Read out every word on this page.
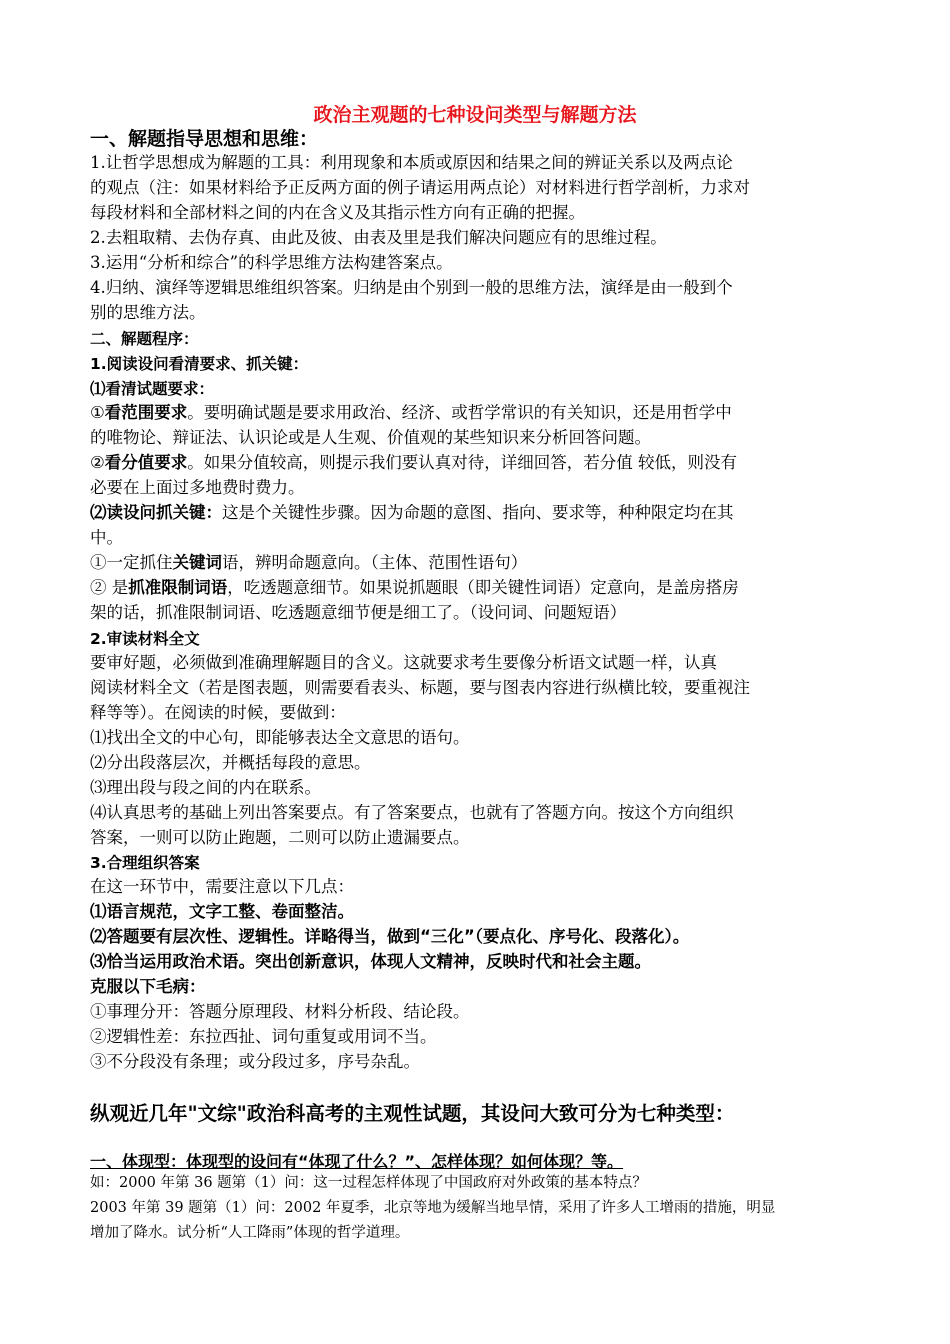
政治主观题的七种设问类型与解题方法
一、解题指导思想和思维：
1.让哲学思想成为解题的工具：利用现象和本质或原因和结果之间的辨证关系以及两点论
的观点（注：如果材料给予正反两方面的例子请运用两点论）对材料进行哲学剖析，力求对
每段材料和全部材料之间的内在含义及其指示性方向有正确的把握。
2.去粗取精、去伪存真、由此及彼、由表及里是我们解决问题应有的思维过程。
3.运用“分析和综合”的科学思维方法构建答案点。
4.归纳、演绎等逻辑思维组织答案。归纳是由个别到一般的思维方法，演绎是由一般到个
别的思维方法。
二、解题程序：
1.阅读设问看清要求、抓关键：
⑴看清试题要求：
①看范围要求。要明确试题是要求用政治、经济、或哲学常识的有关知识，还是用哲学中
的唯物论、辩证法、认识论或是人生观、价值观的某些知识来分析回答问题。
②看分值要求。如果分值较高，则提示我们要认真对待，详细回答，若分值 较低，则没有
必要在上面过多地费时费力。
⑵读设问抓关键：这是个关键性步骤。因为命题的意图、指向、要求等，种种限定均在其
中。
①一定抓住关键词语，辨明命题意向。（主体、范围性语句）
② 是抓准限制词语，吃透题意细节。如果说抓题眼（即关键性词语）定意向，是盖房搭房
架的话，抓准限制词语、吃透题意细节便是细工了。（设问词、问题短语）
2.审读材料全文
要审好题，必须做到准确理解题目的含义。这就要求考生要像分析语文试题一样，认真
阅读材料全文（若是图表题，则需要看表头、标题，要与图表内容进行纵横比较，要重视注
释等等）。在阅读的时候，要做到：
⑴找出全文的中心句，即能够表达全文意思的语句。
⑵分出段落层次，并概括每段的意思。
⑶理出段与段之间的内在联系。
⑷认真思考的基础上列出答案要点。有了答案要点，也就有了答题方向。按这个方向组织
答案，一则可以防止跑题，二则可以防止遗漏要点。
3.合理组织答案
在这一环节中，需要注意以下几点：
⑴语言规范，文字工整、卷面整洁。
⑵答题要有层次性、逻辑性。详略得当，做到“三化”（要点化、序号化、段落化）。
⑶恰当运用政治术语。突出创新意识，体现人文精神，反映时代和社会主题。
克服以下毛病：
①事理分开：答题分原理段、材料分析段、结论段。
②逻辑性差：东拉西扯、词句重复或用词不当。
③不分段没有条理；或分段过多，序号杂乱。
纵观近几年"文综"政治科高考的主观性试题，其设问大致可分为七种类型：
一、体现型：体现型的设问有“体现了什么？”、怎样体现？如何体现？等。
如：2000 年第 36 题第（1）问：这一过程怎样体现了中国政府对外政策的基本特点？
2003 年第 39 题第（1）问：2002 年夏季，北京等地为缓解当地旱情，采用了许多人工增雨的措施，明显
增加了降水。试分析“人工降雨”体现的哲学道理。
